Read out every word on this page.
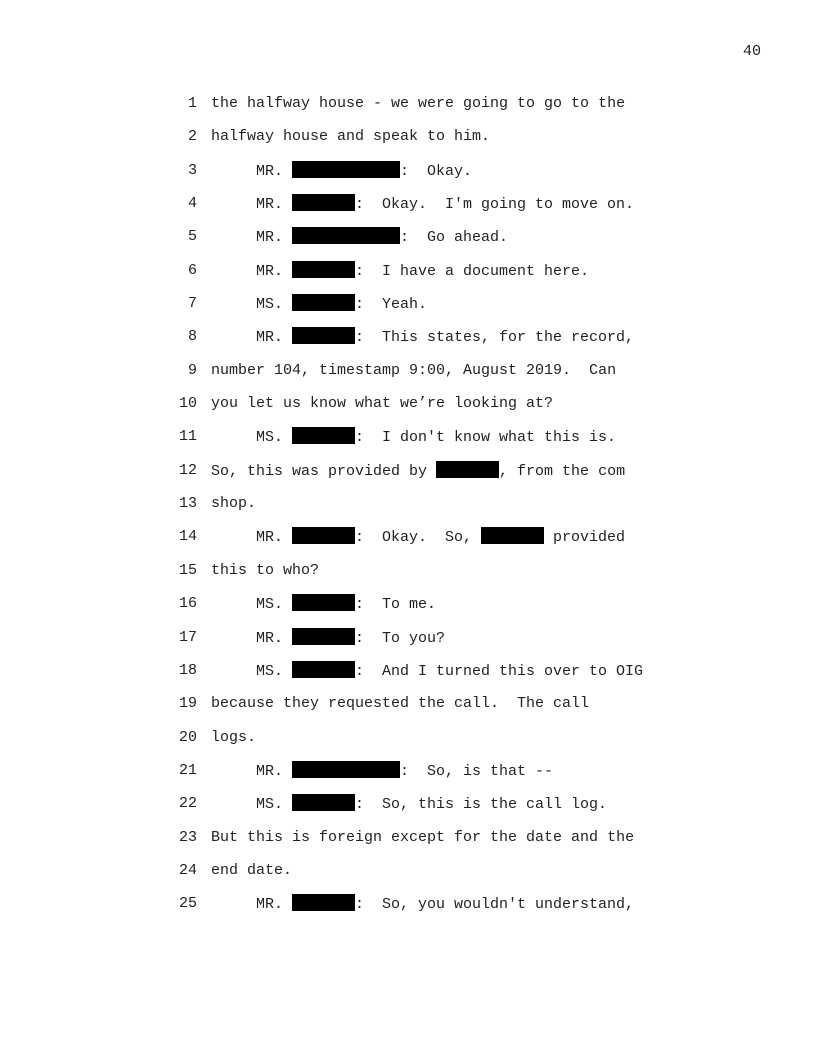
40
1 the halfway house - we were going to go to the
2 halfway house and speak to him.
3 MR.	:  Okay.
4 MR.	:  Okay.  I'm going to move on.
5 MR.	:  Go ahead.
6 MR.	:  I have a document here.
7 MS.	:  Yeah.
8 MR.	:  This states, for the record,
9 number 104, timestamp 9:00, August 2019.  Can
10 you let us know what we’re looking at?
11 MS.	:  I don't know what this is.
12 So, this was provided by	, from the com
13 shop.
14 MR.	:  Okay.  So,	provided
15 this to who?
16 MS.	:  To me.
17 MR.	:  To you?
18 MS.	:  And I turned this over to OIG
19 because they requested the call.  The call
20 logs.
21 MR.	:  So, is that --
22 MS.	:  So, this is the call log.
23 But this is foreign except for the date and the
24 end date.
25 MR.	:  So, you wouldn't understand,
